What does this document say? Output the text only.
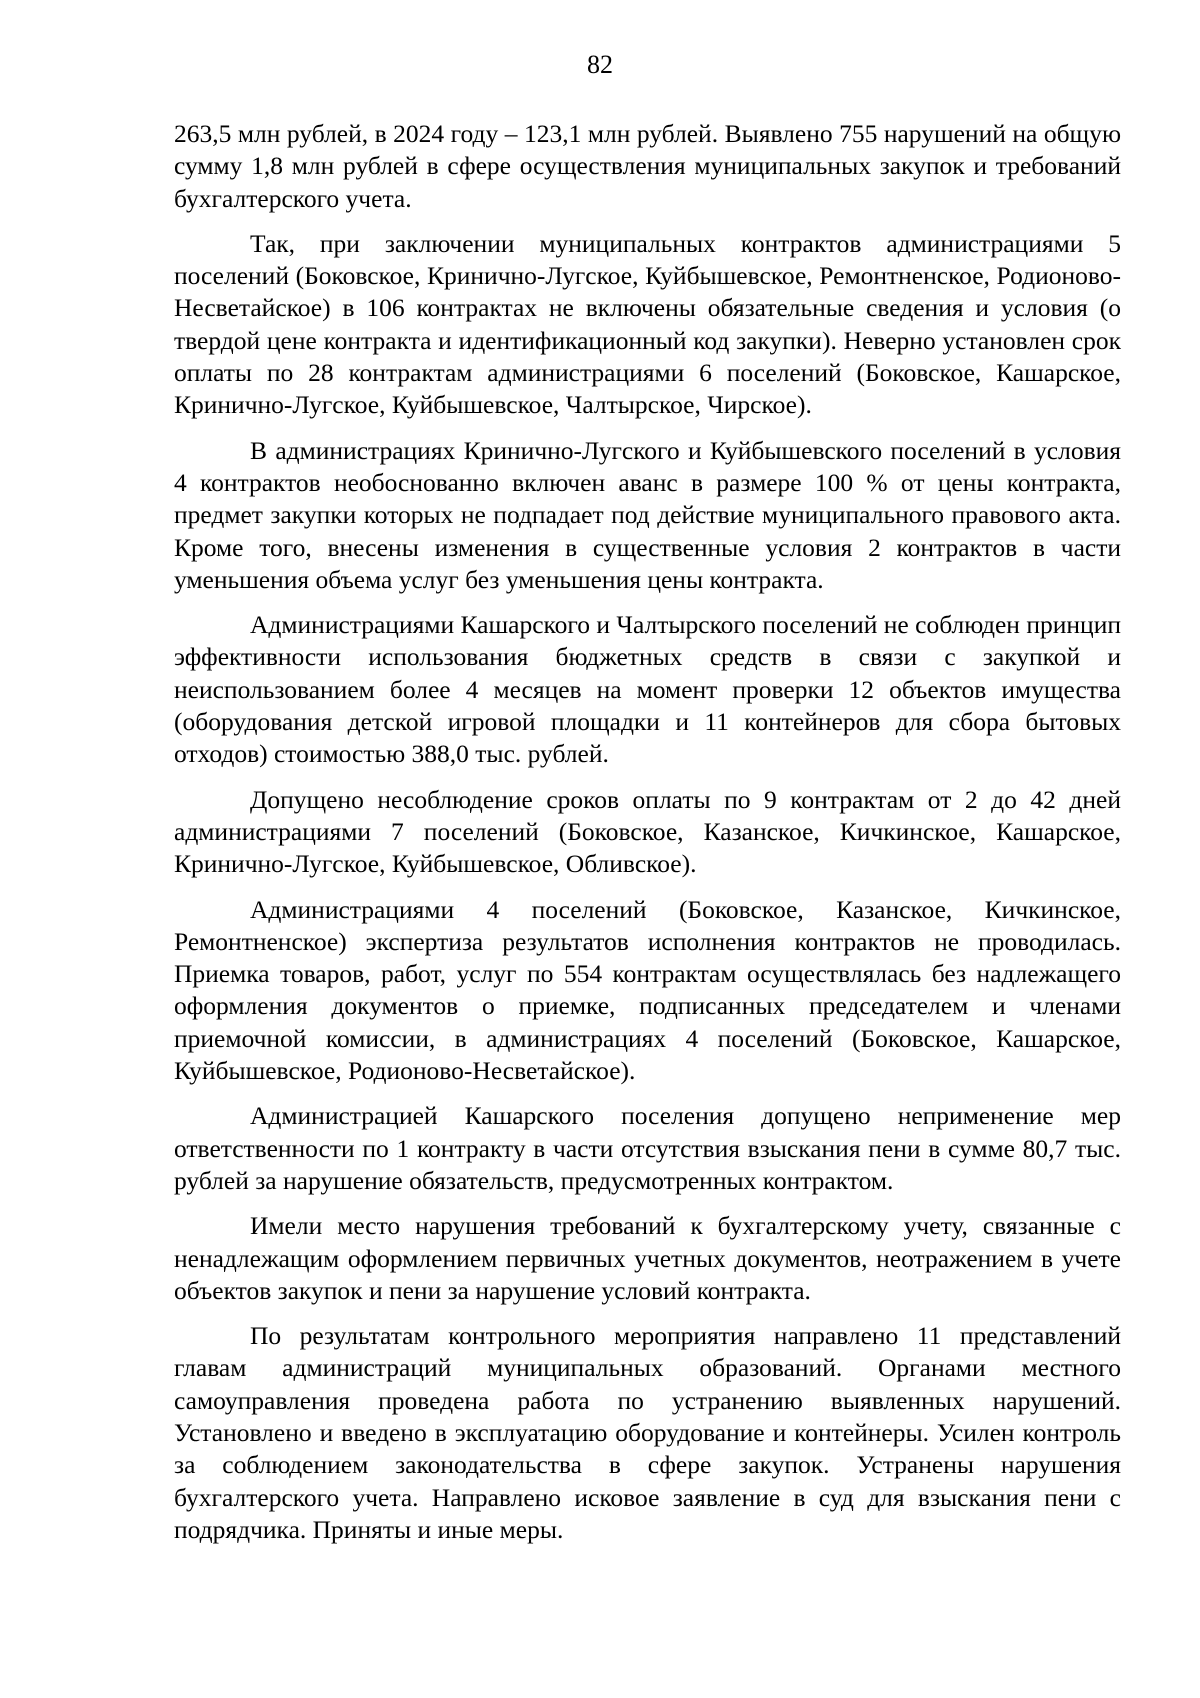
82

263,5 млн рублей, в 2024 году – 123,1 млн рублей. Выявлено 755 нарушений на общую сумму 1,8 млн рублей в сфере осуществления муниципальных закупок и требований бухгалтерского учета.

Так, при заключении муниципальных контрактов администрациями 5 поселений (Боковское, Кринично-Лугское, Куйбышевское, Ремонтненское, Родионово-Несветайское) в 106 контрактах не включены обязательные сведения и условия (о твердой цене контракта и идентификационный код закупки). Неверно установлен срок оплаты по 28 контрактам администрациями 6 поселений (Боковское, Кашарское, Кринично-Лугское, Куйбышевское, Чалтырское, Чирское).

В администрациях Кринично-Лугского и Куйбышевского поселений в условия 4 контрактов необоснованно включен аванс в размере 100 % от цены контракта, предмет закупки которых не подпадает под действие муниципального правового акта. Кроме того, внесены изменения в существенные условия 2 контрактов в части уменьшения объема услуг без уменьшения цены контракта.

Администрациями Кашарского и Чалтырского поселений не соблюден принцип эффективности использования бюджетных средств в связи с закупкой и неиспользованием более 4 месяцев на момент проверки 12 объектов имущества (оборудования детской игровой площадки и 11 контейнеров для сбора бытовых отходов) стоимостью 388,0 тыс. рублей.

Допущено несоблюдение сроков оплаты по 9 контрактам от 2 до 42 дней администрациями 7 поселений (Боковское, Казанское, Кичкинское, Кашарское, Кринично-Лугское, Куйбышевское, Обливское).

Администрациями 4 поселений (Боковское, Казанское, Кичкинское, Ремонтненское) экспертиза результатов исполнения контрактов не проводилась. Приемка товаров, работ, услуг по 554 контрактам осуществлялась без надлежащего оформления документов о приемке, подписанных председателем и членами приемочной комиссии, в администрациях 4 поселений (Боковское, Кашарское, Куйбышевское, Родионово-Несветайское).

Администрацией Кашарского поселения допущено неприменение мер ответственности по 1 контракту в части отсутствия взыскания пени в сумме 80,7 тыс. рублей за нарушение обязательств, предусмотренных контрактом.

Имели место нарушения требований к бухгалтерскому учету, связанные с ненадлежащим оформлением первичных учетных документов, неотражением в учете объектов закупок и пени за нарушение условий контракта.

По результатам контрольного мероприятия направлено 11 представлений главам администраций муниципальных образований. Органами местного самоуправления проведена работа по устранению выявленных нарушений. Установлено и введено в эксплуатацию оборудование и контейнеры. Усилен контроль за соблюдением законодательства в сфере закупок. Устранены нарушения бухгалтерского учета. Направлено исковое заявление в суд для взыскания пени с подрядчика. Приняты и иные меры.
